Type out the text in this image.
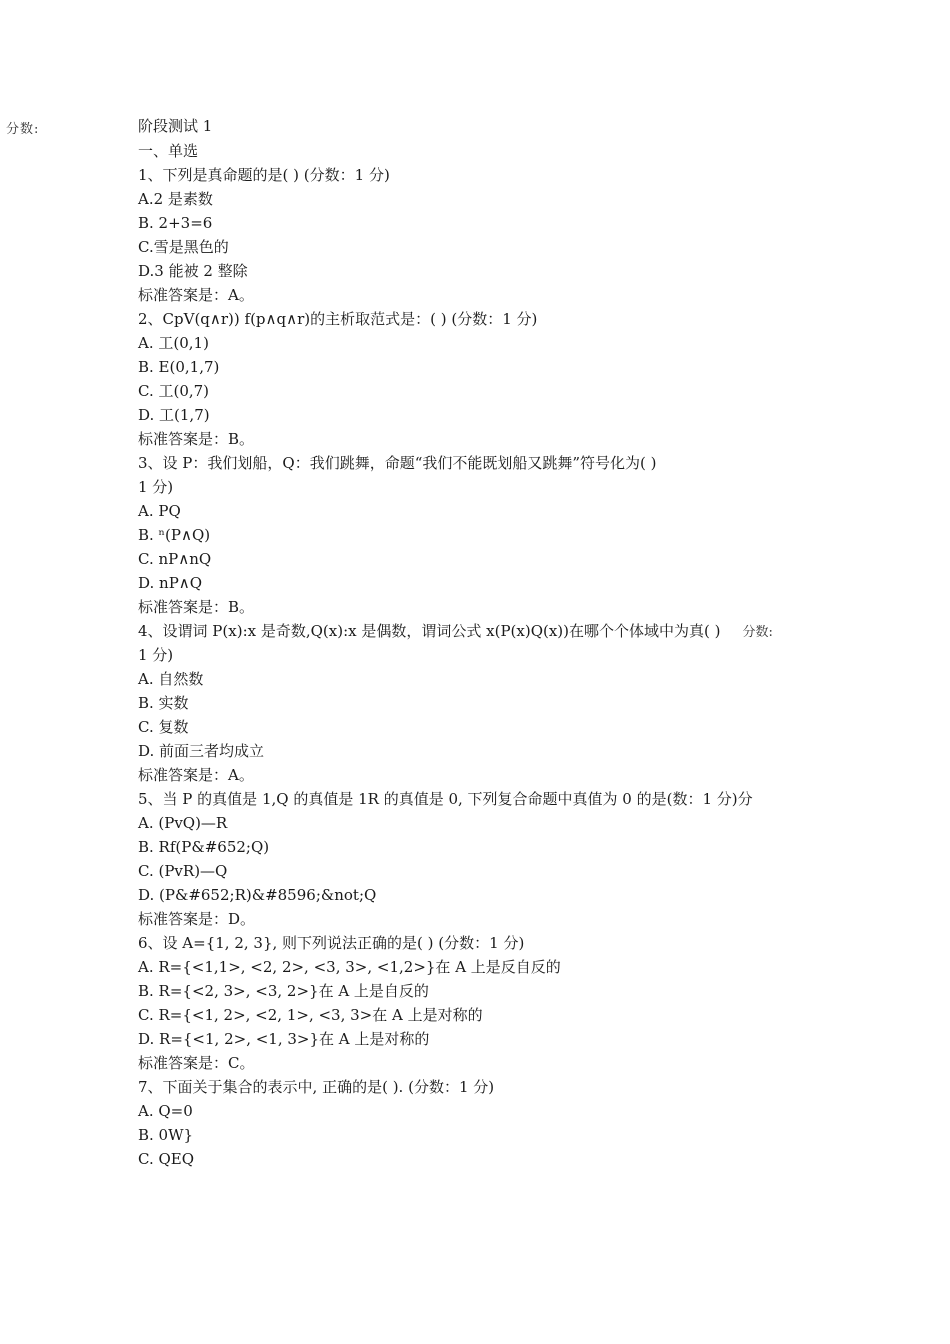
分数:	阶段测试 1
一、单选
1、下列是真命题的是( ) (分数：1 分)
A.2 是素数
B. 2+3=6
C.雪是黑色的
D.3 能被 2 整除
标准答案是：A。
2、CpV(q∧r)) f(p∧q∧r)的主析取范式是：( ) (分数：1 分)
A. 工(0,1)
B. E(0,1,7)
C. 工(0,7)
D. 工(1,7)
标准答案是：B。
3、设 P：我们划船，Q：我们跳舞，命题“我们不能既划船又跳舞”符号化为( )
1 分)
A. PQ
B. ⁿ(P∧Q)
C. nP∧nQ
D. nP∧Q
标准答案是：B。
4、设谓词 P(x):x 是奇数,Q(x):x 是偶数，谓词公式 x(P(x)Q(x))在哪个个体域中为真( ) 分数:
1 分)
A. 自然数
B. 实数
C. 复数
D. 前面三者均成立
标准答案是：A。
5、当 P 的真值是 1,Q 的真值是 1R 的真值是 0, 下列复合命题中真值为 0 的是(数：1 分)分
A. (PvQ)—R
B. Rf(P&#652;Q)
C. (PvR)—Q
D. (P&#652;R)&#8596;&not;Q
标准答案是：D。
6、设 A={1, 2, 3}, 则下列说法正确的是( ) (分数：1 分)
A. R={<1,1>, <2, 2>, <3, 3>, <1,2>}在 A 上是反自反的
B. R={<2, 3>, <3, 2>}在 A 上是自反的
C. R={<1, 2>, <2, 1>, <3, 3>在 A 上是对称的
D. R={<1, 2>, <1, 3>}在 A 上是对称的
标准答案是：C。
7、下面关于集合的表示中, 正确的是( ). (分数：1 分)
A. Q=0
B. 0W}
C. QEQ
